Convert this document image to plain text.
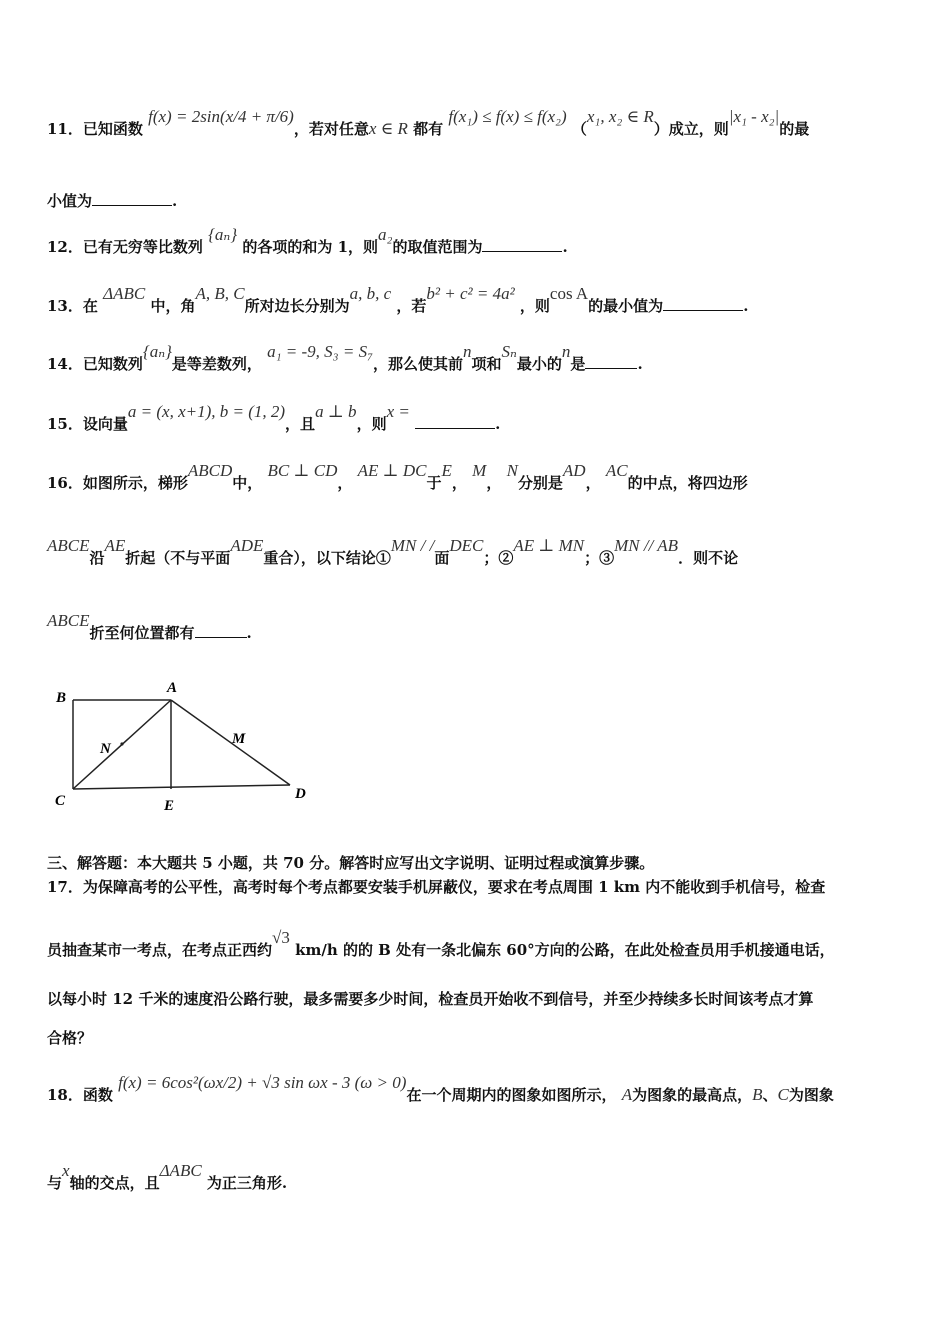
11．已知函数 f(x) = 2sin(x/4 + π/6)，若对任意x ∈ R 都有 f(x₁) ≤ f(x) ≤ f(x₂) （x₁, x₂ ∈ R）成立，则|x₁ - x₂|的最
小值为	.
12．已有无穷等比数列 {aₙ} 的各项的和为 1，则a₂的取值范围为	.
13．在 ΔABC 中，角A, B, C所对边长分别为a, b, c ，若b² + c² = 4a² ，则cos A的最小值为	.
14．已知数列{aₙ}是等差数列， a₁ = -9, S₃ = S₇，那么使其前n项和Sₙ最小的n是	.
15．设向量a = (x, x+1), b = (1, 2)，且a ⊥ b，则x = .
16．如图所示，梯形ABCD中， BC ⊥ CD， AE ⊥ DC于E， M， N分别是AD， AC的中点，将四边形
ABCE沿AE折起（不与平面ADE重合），以下结论①MN / /面DEC；②AE ⊥ MN；③MN // AB．则不论
ABCE折至何位置都有	.
B
A
C	E
D
M
N
三、解答题：本大题共 5 小题，共 70 分。解答时应写出文字说明、证明过程或演算步骤。
17．为保障高考的公平性，高考时每个考点都要安装手机屏蔽仪，要求在考点周围 1 km 内不能收到手机信号，检查
员抽查某市一考点，在考点正西约√3 km/h 的的 B 处有一条北偏东 60°方向的公路，在此处检查员用手机接通电话，
以每小时 12 千米的速度沿公路行驶，最多需要多少时间，检查员开始收不到信号，并至少持续多长时间该考点才算
合格？
18．函数 f(x) = 6cos²(ωx/2) + √3 sin ωx - 3 (ω > 0)在一个周期内的图象如图所示， A为图象的最高点，B、C为图象
与x轴的交点，且ΔABC 为正三角形.
